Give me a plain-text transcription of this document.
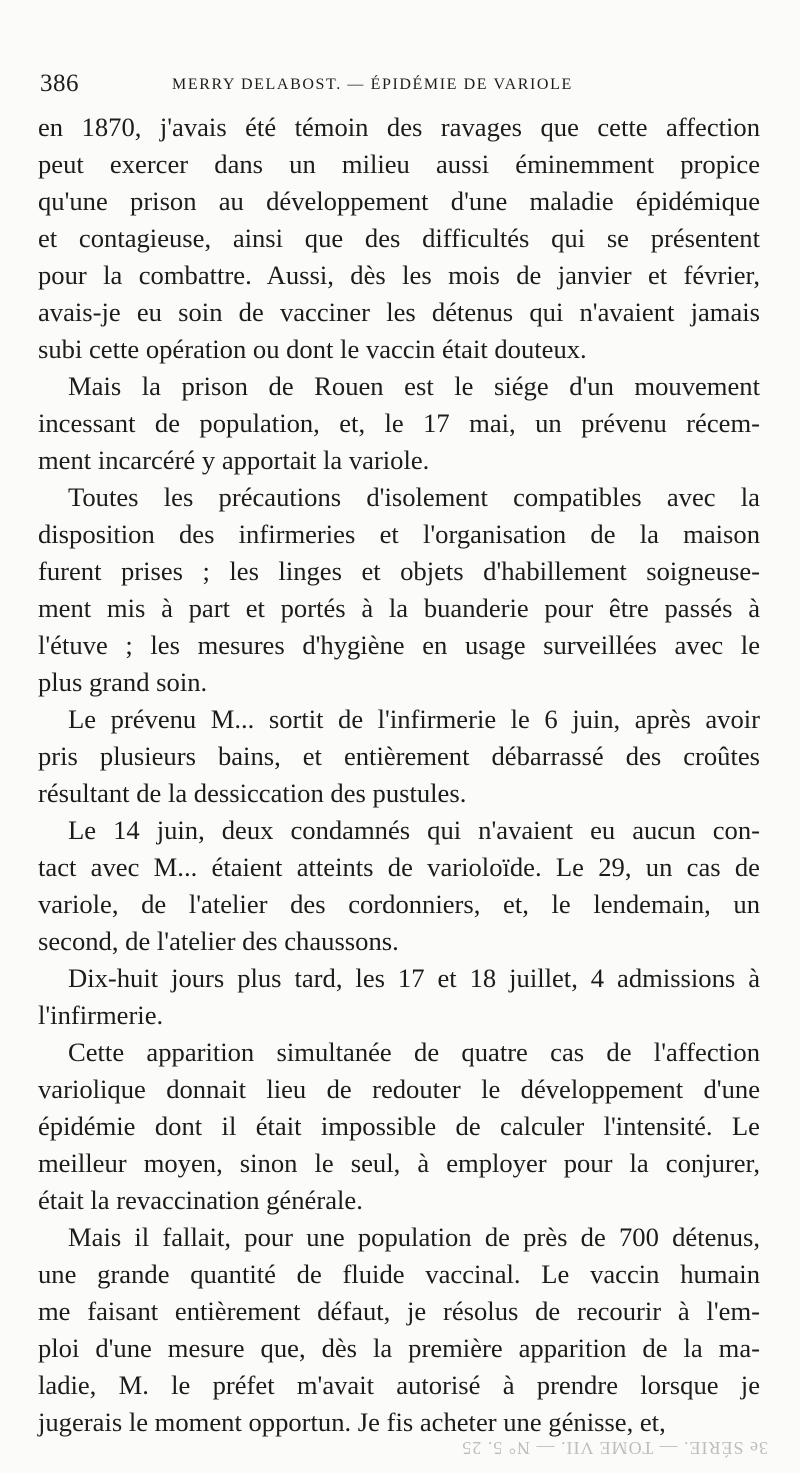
386	MERRY DELABOST. — ÉPIDÉMIE DE VARIOLE
en 1870, j'avais été témoin des ravages que cette affection
peut exercer dans un milieu aussi éminemment propice
qu'une prison au développement d'une maladie épidémique
et contagieuse, ainsi que des difficultés qui se présentent
pour la combattre. Aussi, dès les mois de janvier et février,
avais-je eu soin de vacciner les détenus qui n'avaient jamais
subi cette opération ou dont le vaccin était douteux.
Mais la prison de Rouen est le siége d'un mouvement
incessant de population, et, le 17 mai, un prévenu récem-
ment incarcéré y apportait la variole.
Toutes les précautions d'isolement compatibles avec la
disposition des infirmeries et l'organisation de la maison
furent prises ; les linges et objets d'habillement soigneuse-
ment mis à part et portés à la buanderie pour être passés à
l'étuve ; les mesures d'hygiène en usage surveillées avec le
plus grand soin.
Le prévenu M... sortit de l'infirmerie le 6 juin, après avoir
pris plusieurs bains, et entièrement débarrassé des croûtes
résultant de la dessiccation des pustules.
Le 14 juin, deux condamnés qui n'avaient eu aucun con-
tact avec M... étaient atteints de varioloïde. Le 29, un cas de
variole, de l'atelier des cordonniers, et, le lendemain, un
second, de l'atelier des chaussons.
Dix-huit jours plus tard, les 17 et 18 juillet, 4 admissions à
l'infirmerie.
Cette apparition simultanée de quatre cas de l'affection
variolique donnait lieu de redouter le développement d'une
épidémie dont il était impossible de calculer l'intensité. Le
meilleur moyen, sinon le seul, à employer pour la conjurer,
était la revaccination générale.
Mais il fallait, pour une population de près de 700 détenus,
une grande quantité de fluide vaccinal. Le vaccin humain
me faisant entièrement défaut, je résolus de recourir à l'em-
ploi d'une mesure que, dès la première apparition de la ma-
ladie, M. le préfet m'avait autorisé à prendre lorsque je
jugerais le moment opportun. Je fis acheter une génisse, et,
3e SÉRIE. — TOME VII. — N° 5. 25
